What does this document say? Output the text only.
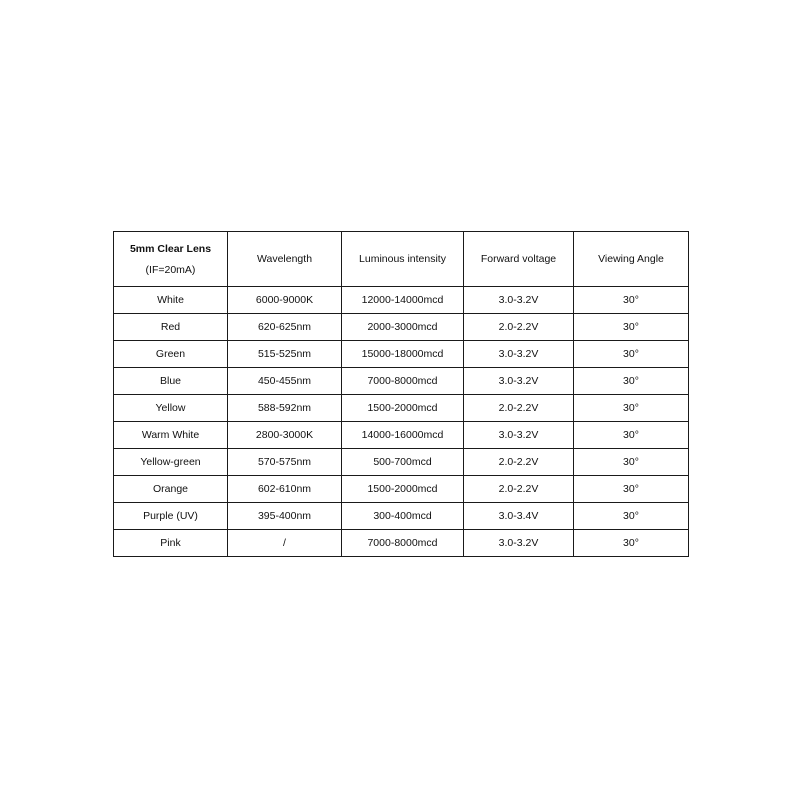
5mm Clear Lens
(IF=20mA)	Wavelength	Luminous intensity	Forward voltage	Viewing Angle
White	6000-9000K	12000-14000mcd	3.0-3.2V	30°
Red	620-625nm	2000-3000mcd	2.0-2.2V	30°
Green	515-525nm	15000-18000mcd	3.0-3.2V	30°
Blue	450-455nm	7000-8000mcd	3.0-3.2V	30°
Yellow	588-592nm	1500-2000mcd	2.0-2.2V	30°
Warm White	2800-3000K	14000-16000mcd	3.0-3.2V	30°
Yellow-green	570-575nm	500-700mcd	2.0-2.2V	30°
Orange	602-610nm	1500-2000mcd	2.0-2.2V	30°
Purple (UV)	395-400nm	300-400mcd	3.0-3.4V	30°
Pink	/	7000-8000mcd	3.0-3.2V	30°
